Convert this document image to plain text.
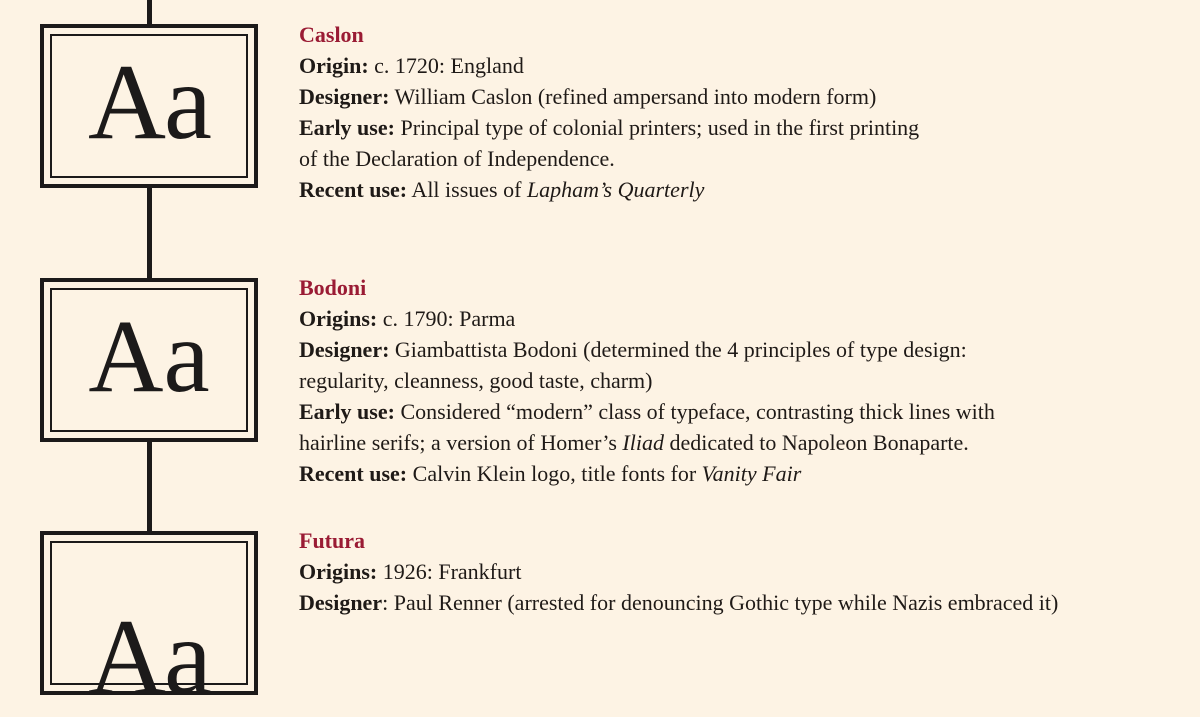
Aa
Aa
Aa
Caslon
Origin: c. 1720: England
Designer: William Caslon (refined ampersand into modern form)
Early use: Principal type of colonial printers; used in the first printing
of the Declaration of Independence.
Recent use: All issues of Lapham’s Quarterly
Bodoni
Origins: c. 1790: Parma
Designer: Giambattista Bodoni (determined the 4 principles of type design:
regularity, cleanness, good taste, charm)
Early use: Considered “modern” class of typeface, contrasting thick lines with
hairline serifs; a version of Homer’s Iliad dedicated to Napoleon Bonaparte.
Recent use: Calvin Klein logo, title fonts for Vanity Fair
Futura
Origins: 1926: Frankfurt
Designer: Paul Renner (arrested for denouncing Gothic type while Nazis embraced it)
